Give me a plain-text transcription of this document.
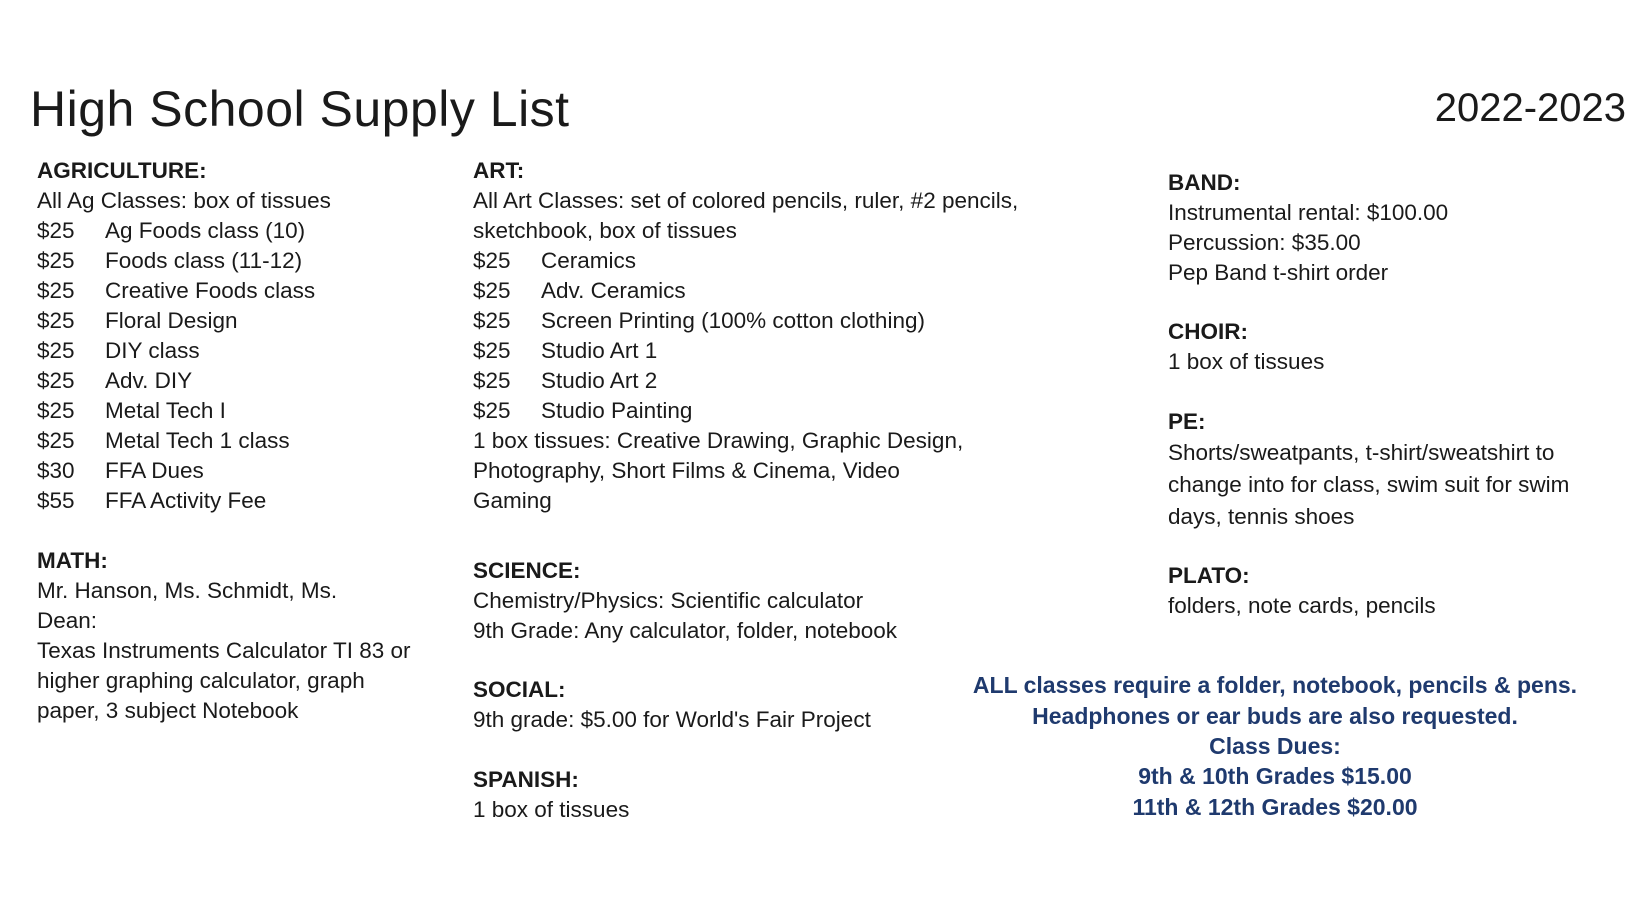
High School Supply List	2022-2023
AGRICULTURE:
All Ag Classes: box of tissues
$25 Ag Foods class (10)
$25 Foods class (11-12)
$25 Creative Foods class
$25 Floral Design
$25 DIY class
$25 Adv. DIY
$25 Metal Tech I
$25 Metal Tech 1 class
$30 FFA Dues
$55 FFA Activity Fee
MATH:
Mr. Hanson, Ms. Schmidt, Ms. Dean:
Texas Instruments Calculator TI 83 or higher graphing calculator, graph paper, 3 subject Notebook
ART:
All Art Classes: set of colored pencils, ruler, #2 pencils, sketchbook, box of tissues
$25 Ceramics
$25 Adv. Ceramics
$25 Screen Printing (100% cotton clothing)
$25 Studio Art 1
$25 Studio Art 2
$25 Studio Painting
1 box tissues: Creative Drawing, Graphic Design, Photography, Short Films & Cinema, Video Gaming
SCIENCE:
Chemistry/Physics: Scientific calculator
9th Grade: Any calculator, folder, notebook
SOCIAL:
9th grade: $5.00 for World's Fair Project
SPANISH:
1 box of tissues
BAND:
Instrumental rental: $100.00
Percussion: $35.00
Pep Band t-shirt order
CHOIR:
1 box of tissues
PE:
Shorts/sweatpants, t-shirt/sweatshirt to change into for class, swim suit for swim days, tennis shoes
PLATO:
folders, note cards, pencils
ALL classes require a folder, notebook, pencils & pens.
Headphones or ear buds are also requested.
Class Dues:
9th & 10th Grades $15.00
11th & 12th Grades $20.00
